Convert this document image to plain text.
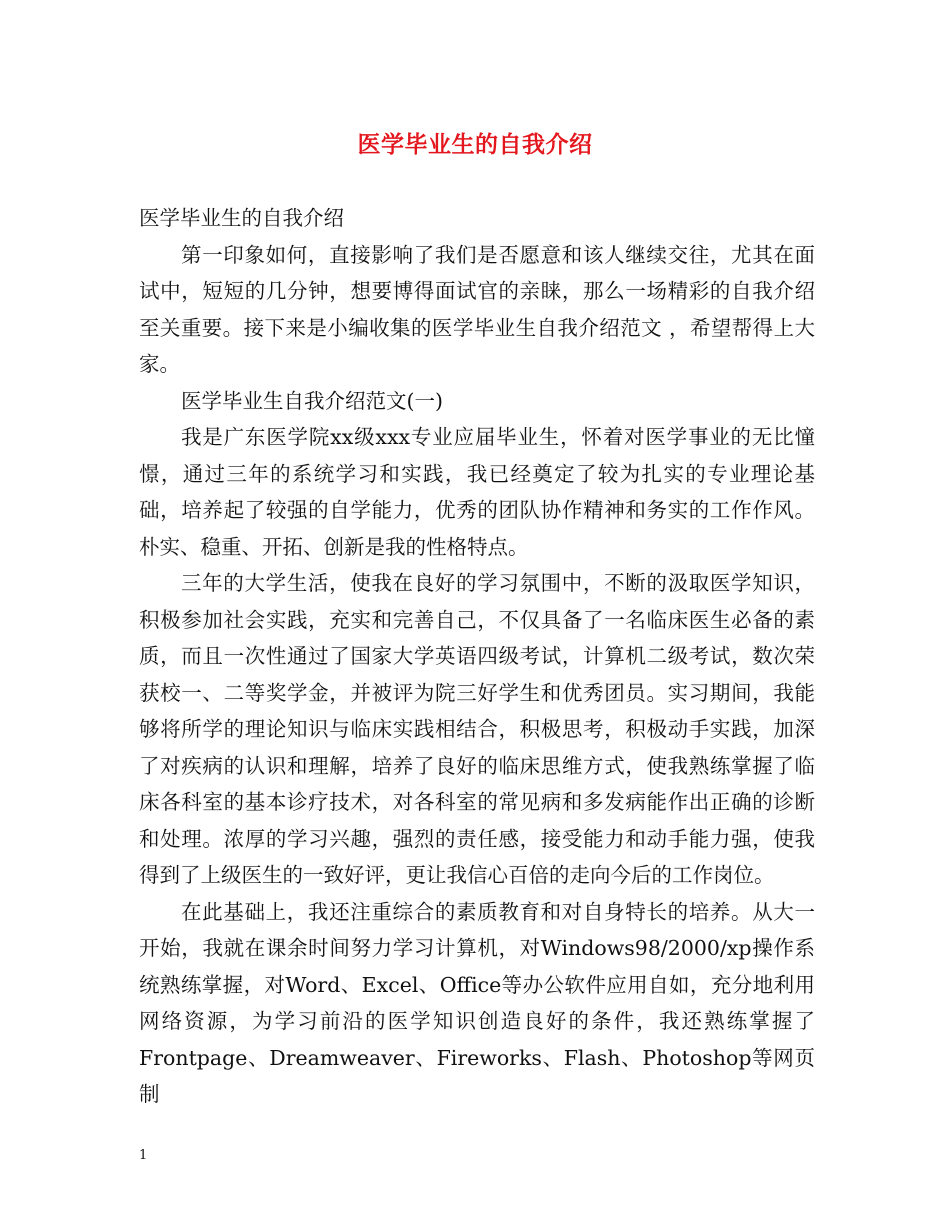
医学毕业生的自我介绍

医学毕业生的自我介绍

第一印象如何，直接影响了我们是否愿意和该人继续交往，尤其在面试中，短短的几分钟，想要博得面试官的亲睐，那么一场精彩的自我介绍至关重要。接下来是小编收集的医学毕业生自我介绍范文 ，希望帮得上大家。

医学毕业生自我介绍范文(一)

我是广东医学院xx级xxx专业应届毕业生，怀着对医学事业的无比憧憬，通过三年的系统学习和实践，我已经奠定了较为扎实的专业理论基础，培养起了较强的自学能力，优秀的团队协作精神和务实的工作作风。朴实、稳重、开拓、创新是我的性格特点。

三年的大学生活，使我在良好的学习氛围中，不断的汲取医学知识，积极参加社会实践，充实和完善自己，不仅具备了一名临床医生必备的素质，而且一次性通过了国家大学英语四级考试，计算机二级考试，数次荣获校一、二等奖学金，并被评为院三好学生和优秀团员。实习期间，我能够将所学的理论知识与临床实践相结合，积极思考，积极动手实践，加深了对疾病的认识和理解，培养了良好的临床思维方式，使我熟练掌握了临床各科室的基本诊疗技术，对各科室的常见病和多发病能作出正确的诊断和处理。浓厚的学习兴趣，强烈的责任感，接受能力和动手能力强，使我得到了上级医生的一致好评，更让我信心百倍的走向今后的工作岗位。

在此基础上，我还注重综合的素质教育和对自身特长的培养。从大一开始，我就在课余时间努力学习计算机，对Windows98/2000/xp操作系统熟练掌握，对Word、Excel、Office等办公软件应用自如，充分地利用网络资源，为学习前沿的医学知识创造良好的条件，我还熟练掌握了Frontpage、Dreamweaver、Fireworks、Flash、Photoshop等网页制

1
